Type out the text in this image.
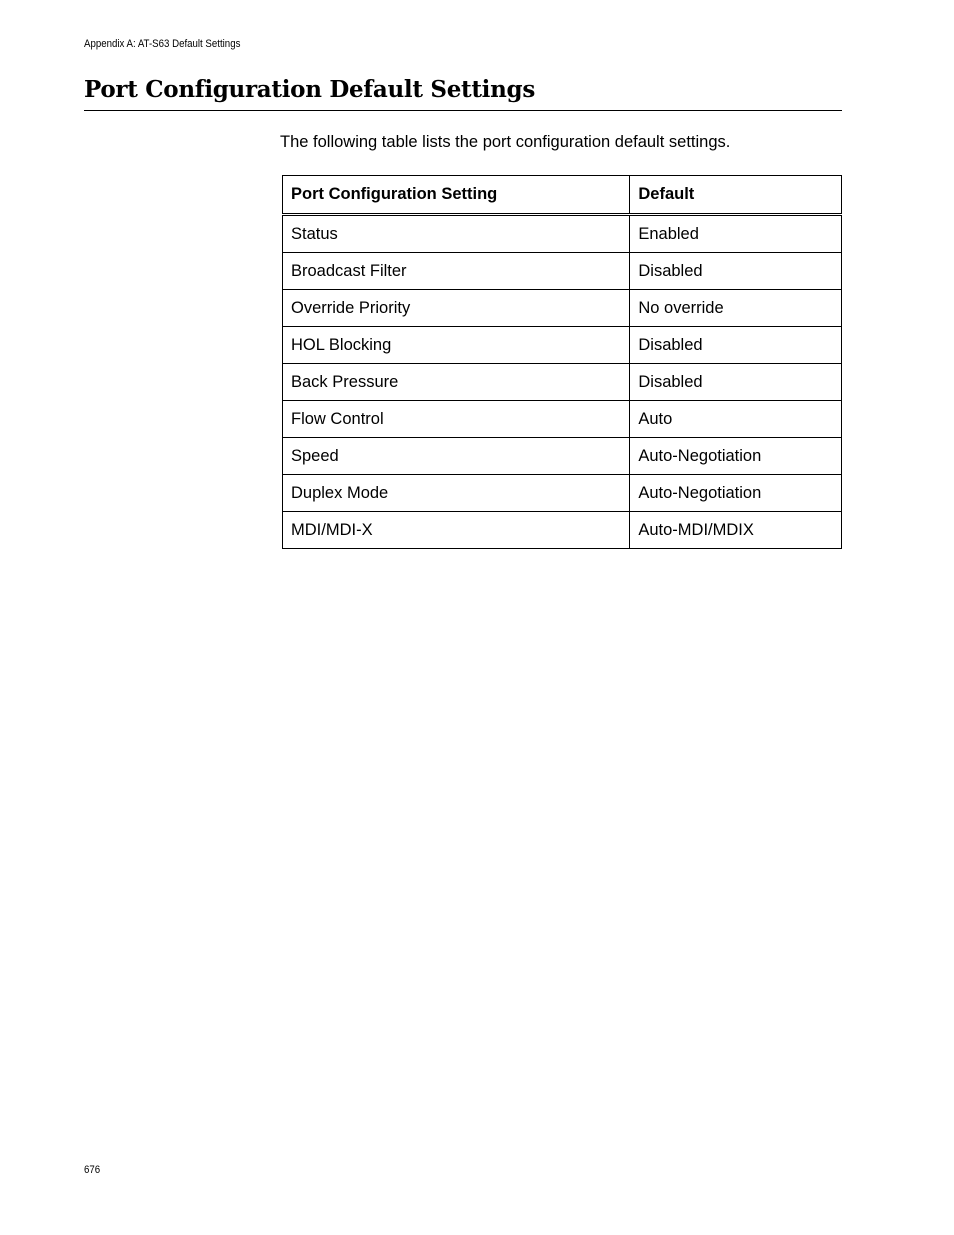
Appendix A: AT-S63 Default Settings
Port Configuration Default Settings

The following table lists the port configuration default settings.

Port Configuration Setting	Default
Status	Enabled
Broadcast Filter	Disabled
Override Priority	No override
HOL Blocking	Disabled
Back Pressure	Disabled
Flow Control	Auto
Speed	Auto-Negotiation
Duplex Mode	Auto-Negotiation
MDI/MDI-X	Auto-MDI/MDIX
676
